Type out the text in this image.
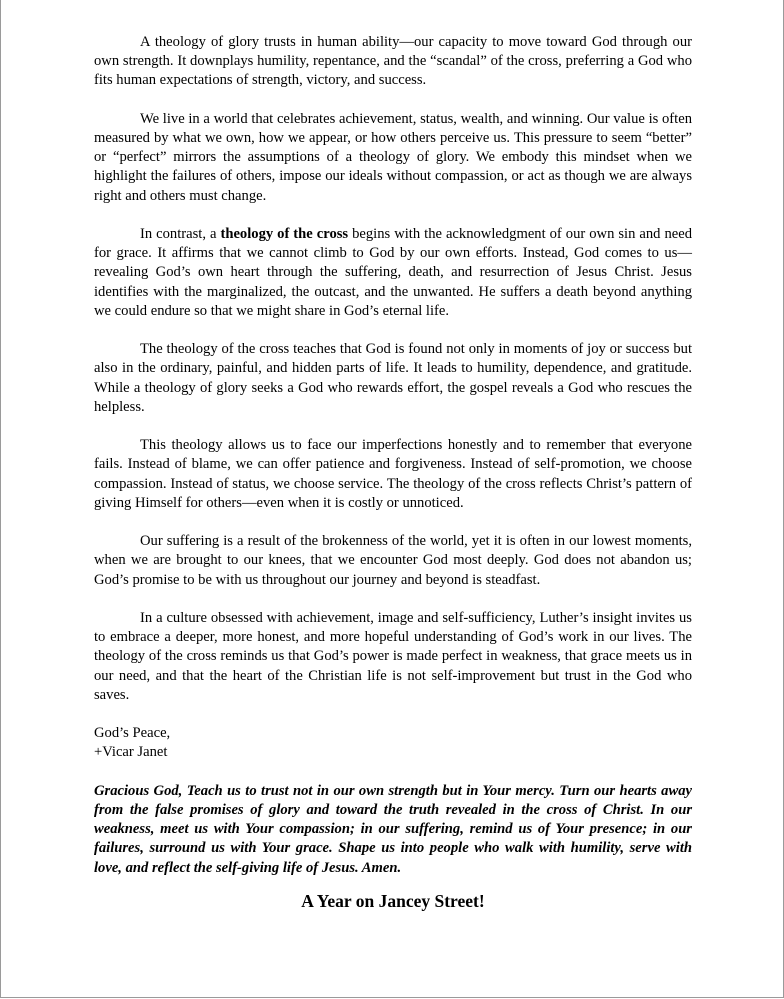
A theology of glory trusts in human ability—our capacity to move toward God through our own strength. It downplays humility, repentance, and the “scandal” of the cross, preferring a God who fits human expectations of strength, victory, and success.

We live in a world that celebrates achievement, status, wealth, and winning. Our value is often measured by what we own, how we appear, or how others perceive us. This pressure to seem “better” or “perfect” mirrors the assumptions of a theology of glory. We embody this mindset when we highlight the failures of others, impose our ideals without compassion, or act as though we are always right and others must change.

In contrast, a theology of the cross begins with the acknowledgment of our own sin and need for grace. It affirms that we cannot climb to God by our own efforts. Instead, God comes to us—revealing God’s own heart through the suffering, death, and resurrection of Jesus Christ. Jesus identifies with the marginalized, the outcast, and the unwanted. He suffers a death beyond anything we could endure so that we might share in God’s eternal life.

The theology of the cross teaches that God is found not only in moments of joy or success but also in the ordinary, painful, and hidden parts of life. It leads to humility, dependence, and gratitude. While a theology of glory seeks a God who rewards effort, the gospel reveals a God who rescues the helpless.

This theology allows us to face our imperfections honestly and to remember that everyone fails. Instead of blame, we can offer patience and forgiveness. Instead of self-promotion, we choose compassion. Instead of status, we choose service. The theology of the cross reflects Christ’s pattern of giving Himself for others—even when it is costly or unnoticed.

Our suffering is a result of the brokenness of the world, yet it is often in our lowest moments, when we are brought to our knees, that we encounter God most deeply. God does not abandon us; God’s promise to be with us throughout our journey and beyond is steadfast.

In a culture obsessed with achievement, image and self-sufficiency, Luther’s insight invites us to embrace a deeper, more honest, and more hopeful understanding of God’s work in our lives. The theology of the cross reminds us that God’s power is made perfect in weakness, that grace meets us in our need, and that the heart of the Christian life is not self-improvement but trust in the God who saves.

God’s Peace,
+Vicar Janet

Gracious God, Teach us to trust not in our own strength but in Your mercy. Turn our hearts away from the false promises of glory and toward the truth revealed in the cross of Christ. In our weakness, meet us with Your compassion; in our suffering, remind us of Your presence; in our failures, surround us with Your grace. Shape us into people who walk with humility, serve with love, and reflect the self-giving life of Jesus. Amen.

A Year on Jancey Street!
